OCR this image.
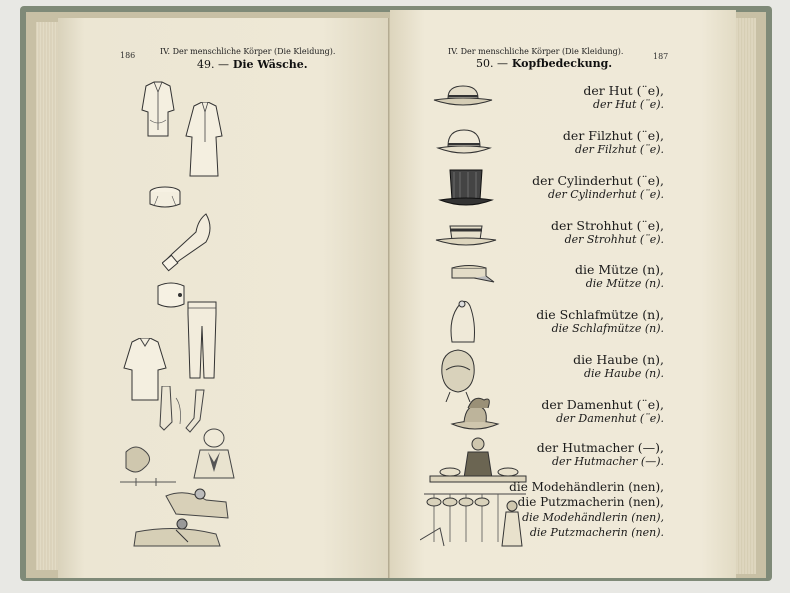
186	IV. Der menschliche Körper (Die Kleidung).
49. — Die Wäsche.
IV. Der menschliche Körper (Die Kleidung).
187
50. — Kopfbedeckung.
der Hut (¨e),
der Hut (¨e).
der Filzhut (¨e),
der Filzhut (¨e).
der Cylinderhut (¨e),
der Cylinderhut (¨e).
der Strohhut (¨e),
der Strohhut (¨e).
die Mütze (n),
die Mütze (n).
die Schlafmütze (n),
die Schlafmütze (n).
die Haube (n),
die Haube (n).
der Damenhut (¨e),
der Damenhut (¨e).
der Hutmacher (—),
der Hutmacher (—).
die Modehändlerin (nen),
die Putzmacherin (nen),
die Modehändlerin (nen),
die Putzmacherin (nen).
